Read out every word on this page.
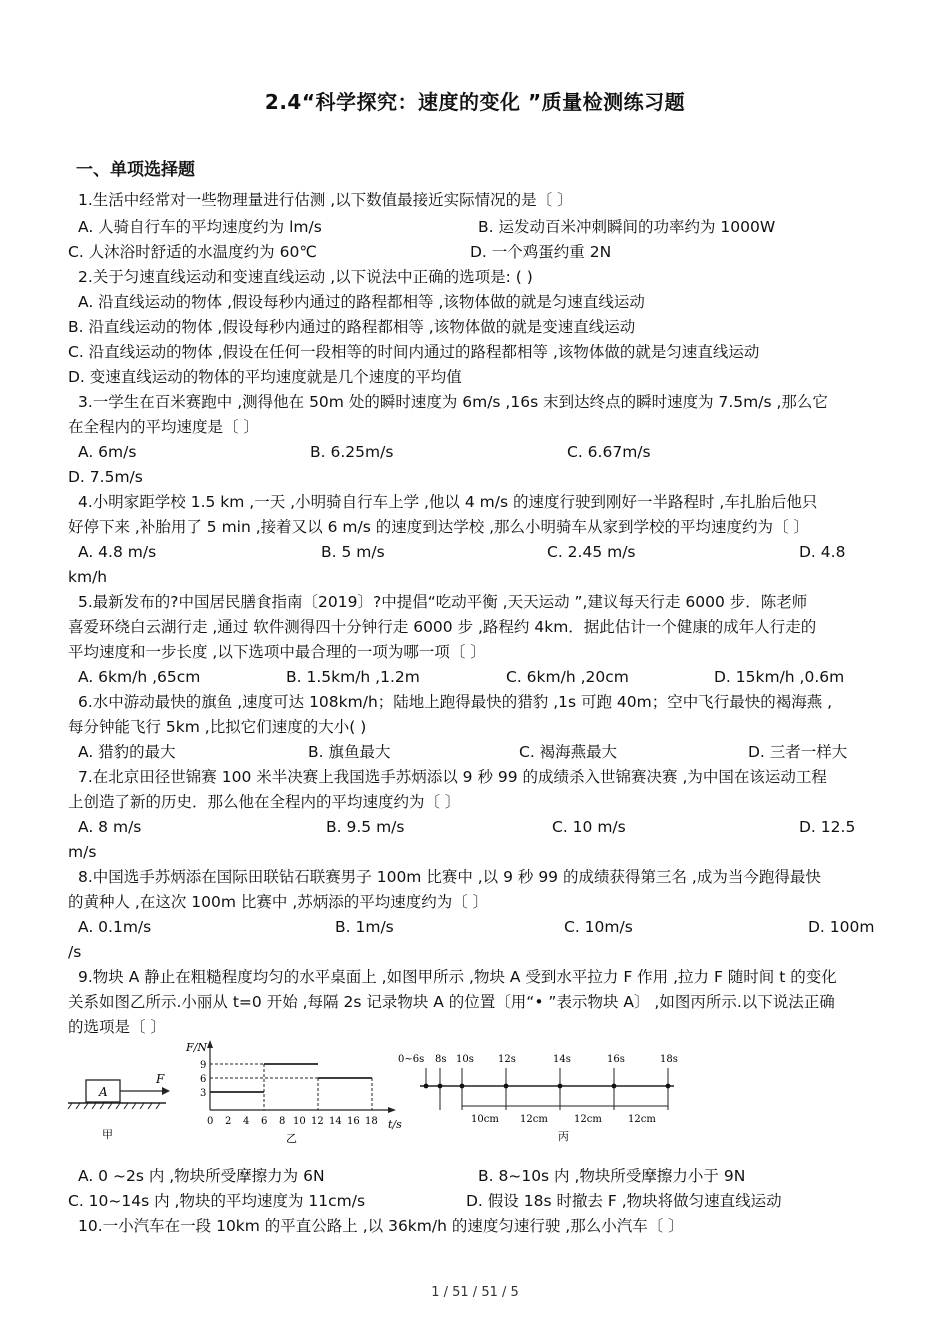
2.4“科学探究：速度的变化 ”质量检测练习题
一、单项选择题
1.生活中经常对一些物理量进行估测 ,以下数值最接近实际情况的是〔 〕
A. 人骑自行车的平均速度约为 lm/s	B. 运发动百米冲刺瞬间的功率约为 1000W
C. 人沐浴时舒适的水温度约为 60℃	D. 一个鸡蛋约重 2N
2.关于匀速直线运动和变速直线运动 ,以下说法中正确的选项是: ( )
A. 沿直线运动的物体 ,假设每秒内通过的路程都相等 ,该物体做的就是匀速直线运动
B. 沿直线运动的物体 ,假设每秒内通过的路程都相等 ,该物体做的就是变速直线运动
C. 沿直线运动的物体 ,假设在任何一段相等的时间内通过的路程都相等 ,该物体做的就是匀速直线运动
D. 变速直线运动的物体的平均速度就是几个速度的平均值
3.一学生在百米赛跑中 ,测得他在 50m 处的瞬时速度为 6m/s ,16s 末到达终点的瞬时速度为 7.5m/s ,那么它
在全程内的平均速度是〔 〕
A. 6m/s	B. 6.25m/s	C. 6.67m/s
D. 7.5m/s
4.小明家距学校 1.5 km ,一天 ,小明骑自行车上学 ,他以 4 m/s 的速度行驶到刚好一半路程时 ,车扎胎后他只
好停下来 ,补胎用了 5 min ,接着又以 6 m/s 的速度到达学校 ,那么小明骑车从家到学校的平均速度约为〔 〕
A. 4.8 m/s	B. 5 m/s	C. 2.45 m/s	D. 4.8
km/h
5.最新发布的?中国居民膳食指南〔2019〕?中提倡“吃动平衡 ,天天运动 ”,建议每天行走 6000 步．陈老师
喜爱环绕白云湖行走 ,通过 软件测得四十分钟行走 6000 步 ,路程约 4km．据此估计一个健康的成年人行走的
平均速度和一步长度 ,以下选项中最合理的一项为哪一项〔 〕
A. 6km/h ,65cm	B. 1.5km/h ,1.2m	C. 6km/h ,20cm	D. 15km/h ,0.6m
6.水中游动最快的旗鱼 ,速度可达 108km/h；陆地上跑得最快的猎豹 ,1s 可跑 40m；空中飞行最快的褐海燕 ,
每分钟能飞行 5km ,比拟它们速度的大小( )
A. 猎豹的最大	B. 旗鱼最大	C. 褐海燕最大	D. 三者一样大
7.在北京田径世锦赛 100 米半决赛上我国选手苏炳添以 9 秒 99 的成绩杀入世锦赛决赛 ,为中国在该运动工程
上创造了新的历史．那么他在全程内的平均速度约为〔 〕
A. 8 m/s	B. 9.5 m/s	C. 10 m/s	D. 12.5
m/s
8.中国选手苏炳添在国际田联钻石联赛男子 100m 比赛中 ,以 9 秒 99 的成绩获得第三名 ,成为当今跑得最快
的黄种人 ,在这次 100m 比赛中 ,苏炳添的平均速度约为〔 〕
A. 0.1m/s	B. 1m/s	C. 10m/s	D. 100m
/s
9.物块 A 静止在粗糙程度均匀的水平桌面上 ,如图甲所示 ,物块 A 受到水平拉力 F 作用 ,拉力 F 随时间 t 的变化
关系如图乙所示.小丽从 t=0 开始 ,每隔 2s 记录物块 A 的位置〔用“• ”表示物块 A〕 ,如图丙所示.以下说法正确
的选项是〔 〕
A
F
甲
F/N
t/s
9
6
3
0 2 4 6 8 10 12 14 16 18
乙
0~6s 8s 10s 12s	14s	16s	18s
10cm 12cm	12cm	12cm
丙
A. 0 ~2s 内 ,物块所受摩擦力为 6N	B. 8~10s 内 ,物块所受摩擦力小于 9N
C. 10~14s 内 ,物块的平均速度为 11cm/s	D. 假设 18s 时撤去 F ,物块将做匀速直线运动
10.一小汽车在一段 10km 的平直公路上 ,以 36km/h 的速度匀速行驶 ,那么小汽车〔 〕
1 / 51 / 51 / 5
